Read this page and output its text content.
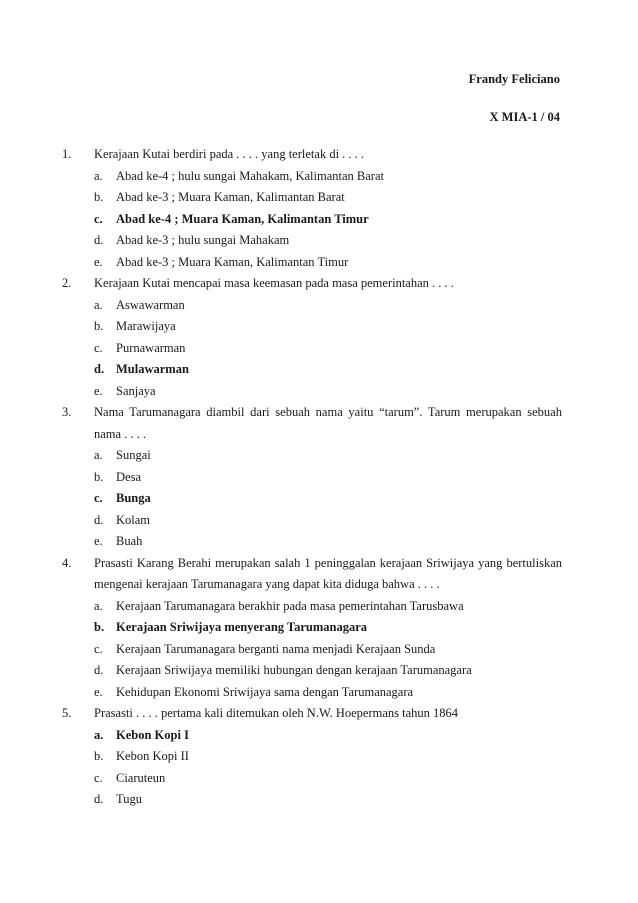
Frandy Feliciano
X MIA-1 / 04
1.	Kerajaan Kutai berdiri pada . . . . yang terletak di . . . .
a.	Abad ke-4 ; hulu sungai Mahakam, Kalimantan Barat
b.	Abad ke-3 ; Muara Kaman, Kalimantan Barat
c.	Abad ke-4 ; Muara Kaman, Kalimantan Timur
d.	Abad ke-3 ; hulu sungai Mahakam
e.	Abad ke-3 ; Muara Kaman, Kalimantan Timur
2.	Kerajaan Kutai mencapai masa keemasan pada masa pemerintahan . . . .
a.	Aswawarman
b.	Marawijaya
c.	Purnawarman
d. Mulawarman
e.	Sanjaya
3.	Nama Tarumanagara diambil dari sebuah nama yaitu “tarum”. Tarum merupakan sebuah nama . . . .
a.	Sungai
b.	Desa
c.	Bunga
d.	Kolam
e.	Buah
4.	Prasasti Karang Berahi merupakan salah 1 peninggalan kerajaan Sriwijaya yang bertuliskan mengenai kerajaan Tarumanagara yang dapat kita diduga bahwa . . . .
a.	Kerajaan Tarumanagara berakhir pada masa pemerintahan Tarusbawa
b. Kerajaan Sriwijaya menyerang Tarumanagara
c.	Kerajaan Tarumanagara berganti nama menjadi Kerajaan Sunda
d.	Kerajaan Sriwijaya memiliki hubungan dengan kerajaan Tarumanagara
e.	Kehidupan Ekonomi Sriwijaya sama dengan Tarumanagara
5.	Prasasti . . . . pertama kali ditemukan oleh N.W. Hoepermans tahun 1864
a.	Kebon Kopi I
b.	Kebon Kopi II
c.	Ciaruteun
d.	Tugu
